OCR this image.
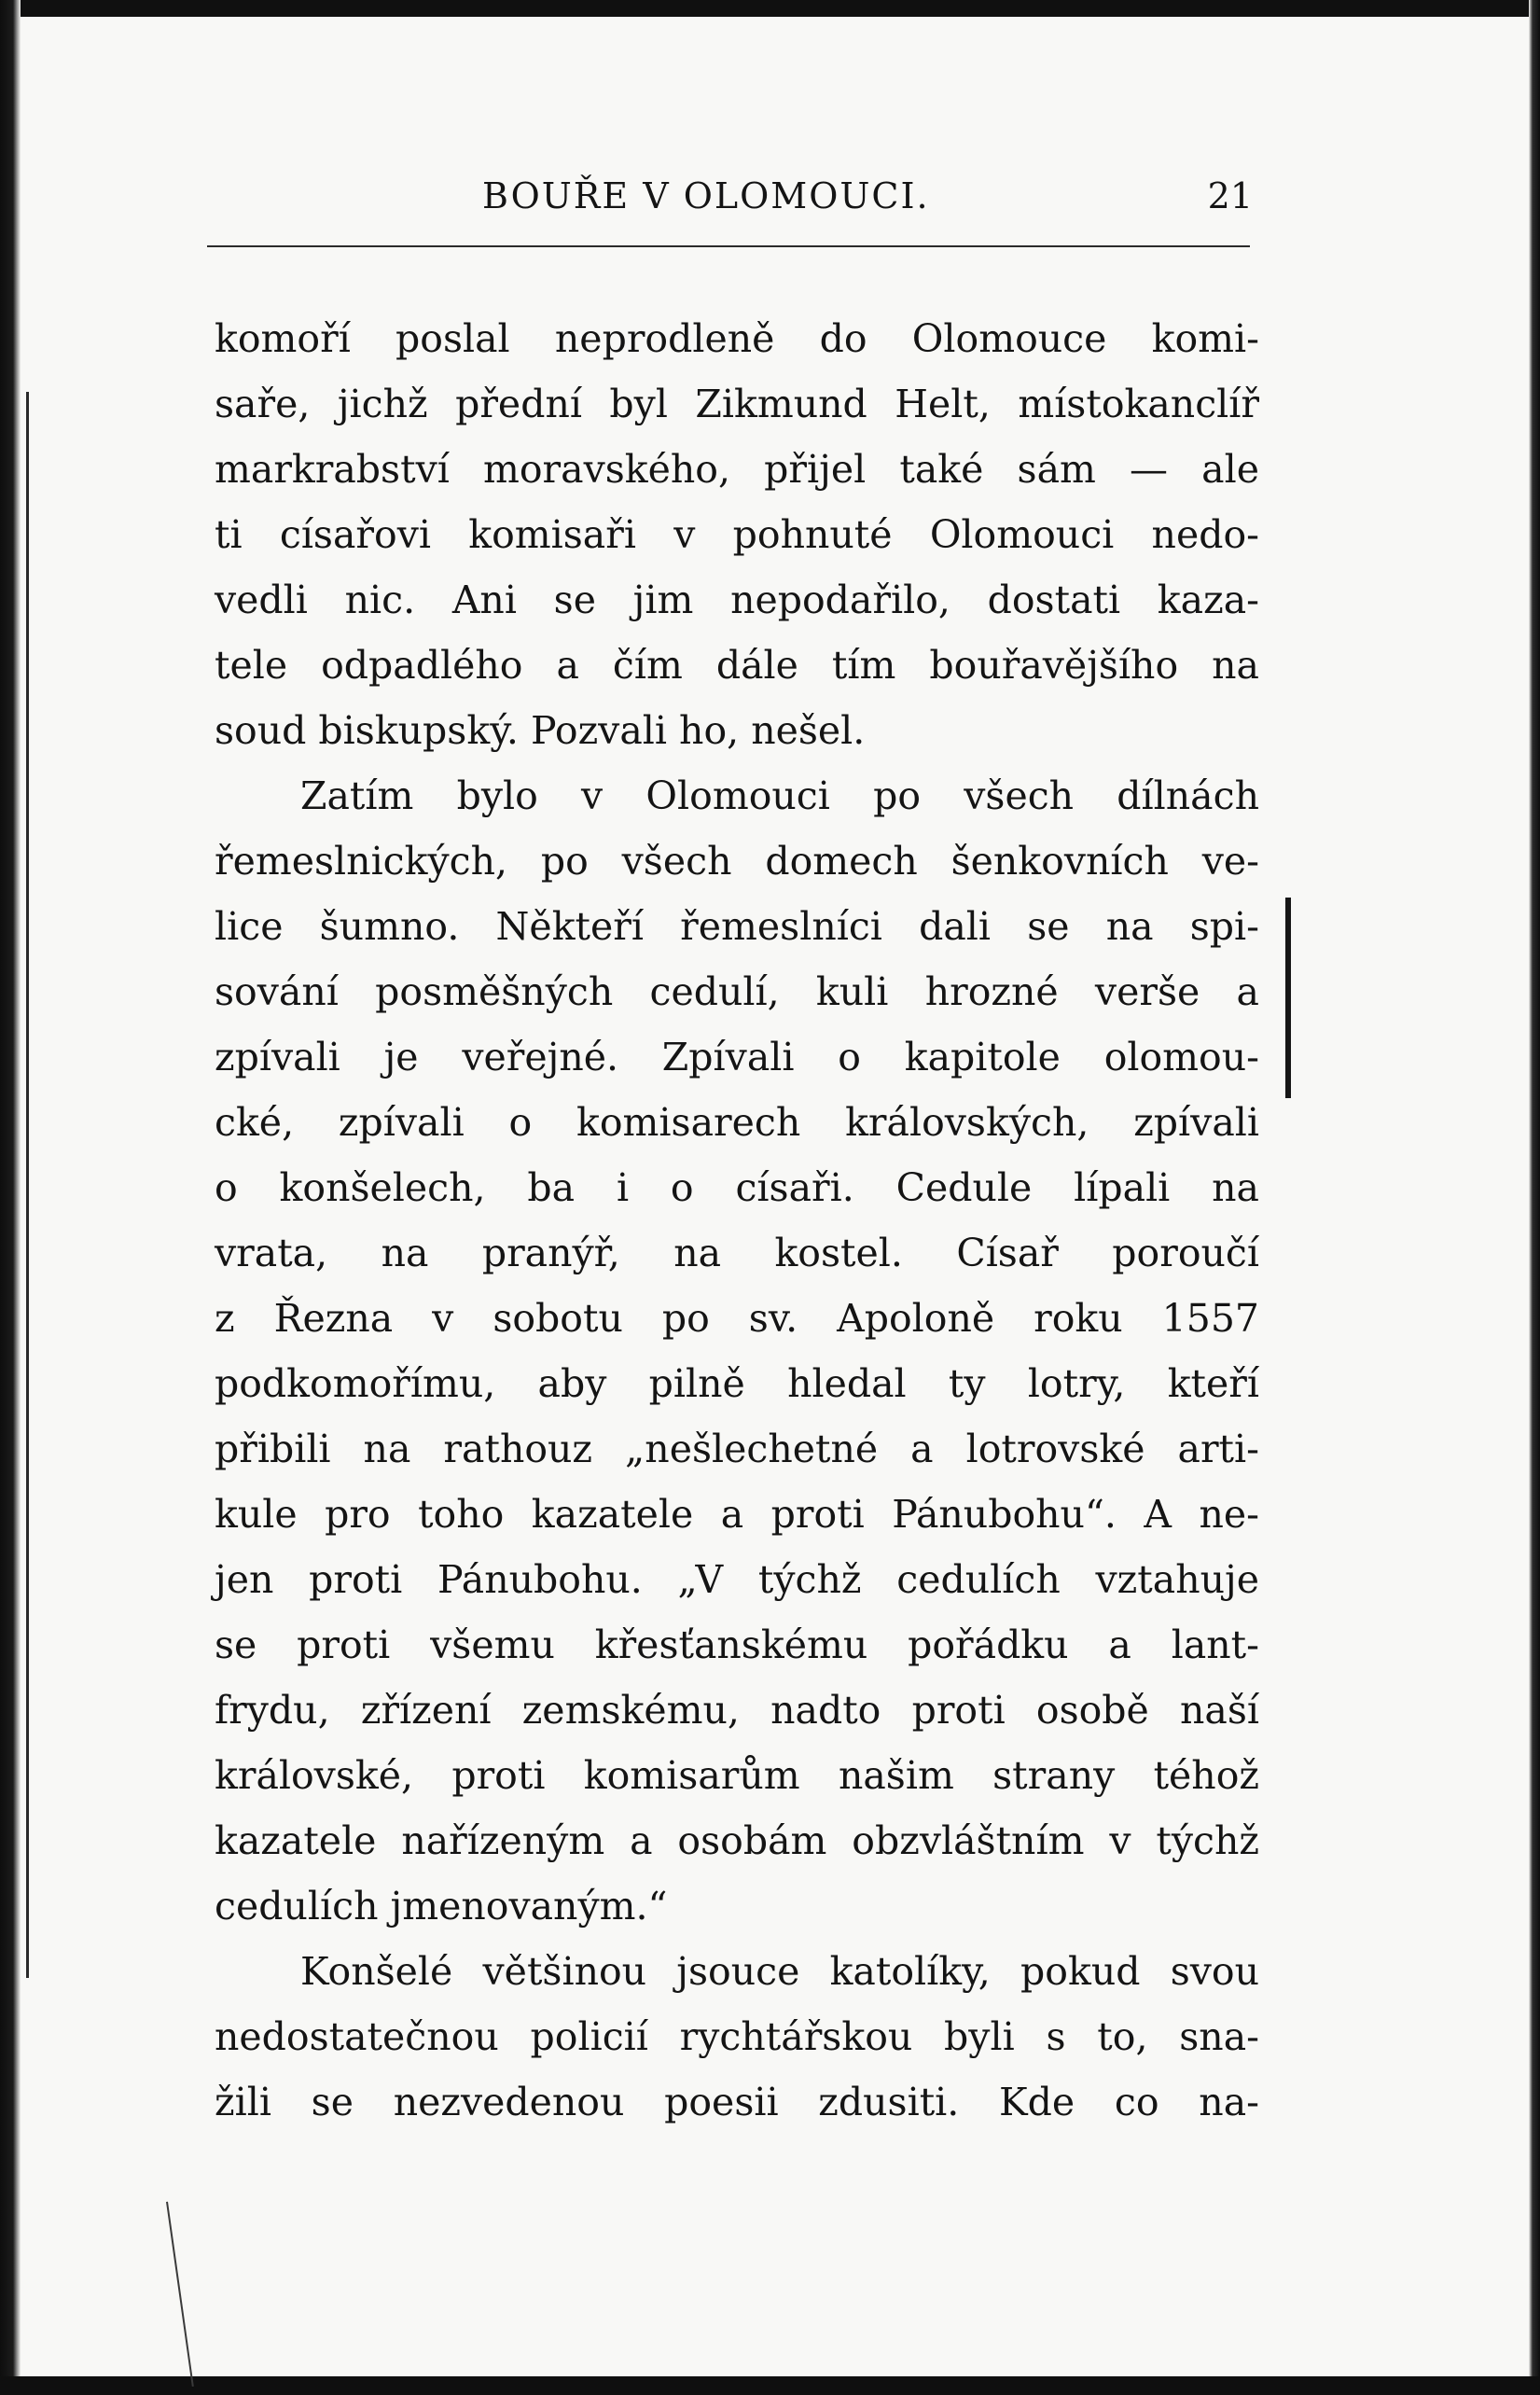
BOUŘE V OLOMOUCI.	21
komoří poslal neprodleně do Olomouce komi-
saře, jichž přední byl Zikmund Helt, místokanclíř
markrabství moravského, přijel také sám — ale
ti císařovi komisaři v pohnuté Olomouci nedo-
vedli nic. Ani se jim nepodařilo, dostati kaza-
tele odpadlého a čím dále tím bouřavějšího na
soud biskupský. Pozvali ho, nešel.
Zatím bylo v Olomouci po všech dílnách
řemeslnických, po všech domech šenkovních ve-
lice šumno. Někteří řemeslníci dali se na spi-
sování posměšných cedulí, kuli hrozné verše a
zpívali je veřejné. Zpívali o kapitole olomou-
cké, zpívali o komisarech královských, zpívali
o konšelech, ba i o císaři. Cedule lípali na
vrata, na pranýř, na kostel. Císař poroučí
z Řezna v sobotu po sv. Apoloně roku 1557
podkomořímu, aby pilně hledal ty lotry, kteří
přibili na rathouz „nešlechetné a lotrovské arti-
kule pro toho kazatele a proti Pánubohu“. A ne-
jen proti Pánubohu. „V týchž cedulích vztahuje
se proti všemu křesťanskému pořádku a lant-
frydu, zřízení zemskému, nadto proti osobě naší
královské, proti komisarům našim strany téhož
kazatele nařízeným a osobám obzvláštním v týchž
cedulích jmenovaným.“
Konšelé většinou jsouce katolíky, pokud svou
nedostatečnou policií rychtářskou byli s to, sna-
žili se nezvedenou poesii zdusiti. Kde co na-
